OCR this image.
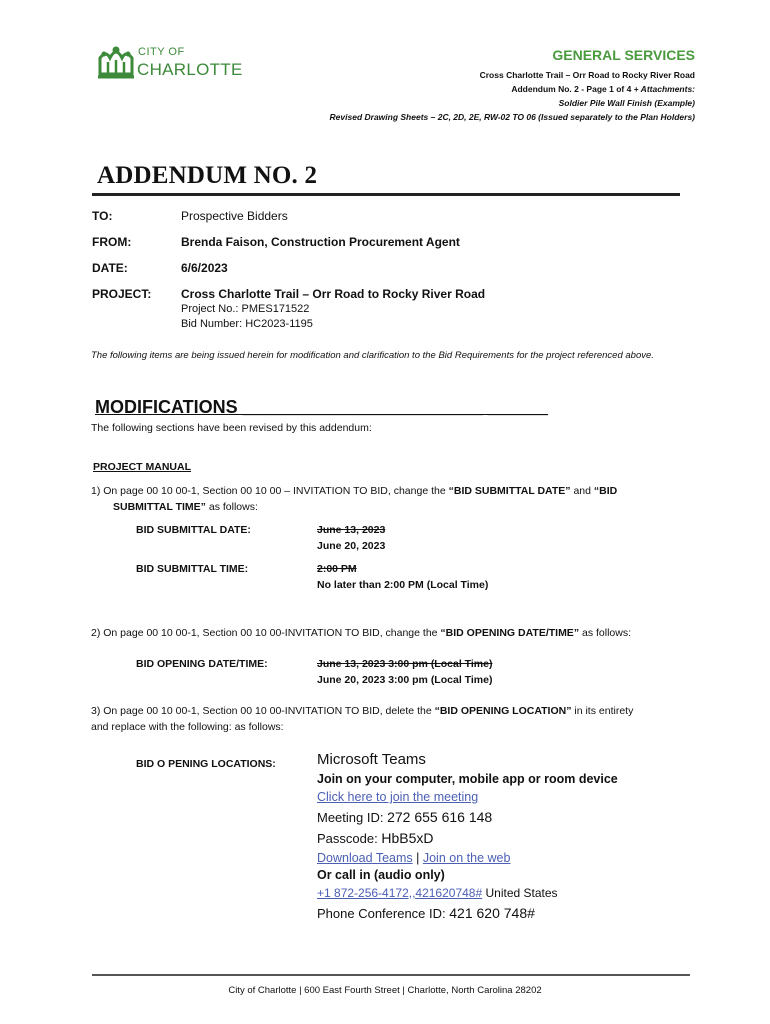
CITY OF
CHARLOTTE
GENERAL SERVICES
Cross Charlotte Trail – Orr Road to Rocky River Road
Addendum No. 2 - Page 1 of 4 + Attachments:
Soldier Pile Wall Finish (Example)
Revised Drawing Sheets – 2C, 2D, 2E, RW-02 TO 06 (Issued separately to the Plan Holders)
ADDENDUM NO. 2
TO:	Prospective Bidders
FROM:	Brenda Faison, Construction Procurement Agent
DATE:	6/6/2023
PROJECT: Cross Charlotte Trail – Orr Road to Rocky River Road
Project No.: PMES171522
Bid Number: HC2023-1195
The following items are being issued herein for modification and clarification to the Bid Requirements for the project referenced above.
MODIFICATIONS ________________________ ______
The following sections have been revised by this addendum:
PROJECT MANUAL
1) On page 00 10 00-1, Section 00 10 00 – INVITATION TO BID, change the “BID SUBMITTAL DATE” and “BID
SUBMITTAL TIME” as follows:
BID SUBMITTAL DATE:	June 13, 2023
June 20, 2023
BID SUBMITTAL TIME:	2:00 PM
No later than 2:00 PM (Local Time)
2) On page 00 10 00-1, Section 00 10 00-INVITATION TO BID, change the “BID OPENING DATE/TIME” as follows:
BID OPENING DATE/TIME:	June 13, 2023 3:00 pm (Local Time)
June 20, 2023 3:00 pm (Local Time)
3) On page 00 10 00-1, Section 00 10 00-INVITATION TO BID, delete the “BID OPENING LOCATION” in its entirety
and replace with the following: as follows:
BID O PENING LOCATIONS:	Microsoft Teams
Join on your computer, mobile app or room device
Click here to join the meeting
Meeting ID: 272 655 616 148
Passcode: HbB5xD
Download Teams | Join on the web
Or call in (audio only)
+1 872-256-4172,,421620748# United States
Phone Conference ID: 421 620 748#
City of Charlotte | 600 East Fourth Street | Charlotte, North Carolina 28202
